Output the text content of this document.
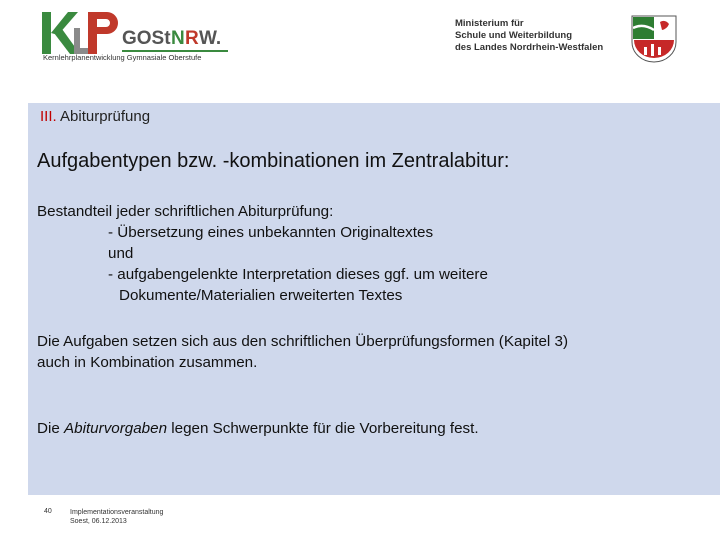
GOSt N R W.
Kernlehrplanentwicklung Gymnasiale Oberstufe
Ministerium für
Schule und Weiterbildung
des Landes Nordrhein-Westfalen
III. Abiturprüfung
Aufgabentypen bzw. -kombinationen im Zentralabitur:
Bestandteil jeder schriftlichen Abiturprüfung:
- Übersetzung eines unbekannten Originaltextes
und
- aufgabengelenkte Interpretation dieses ggf. um weitere
Dokumente/Materialien erweiterten Textes
Die Aufgaben setzen sich aus den schriftlichen Überprüfungsformen (Kapitel 3)
auch in Kombination zusammen.
Die Abiturvorgaben legen Schwerpunkte für die Vorbereitung fest.
40	Implementationsveranstaltung
Soest, 06.12.2013
